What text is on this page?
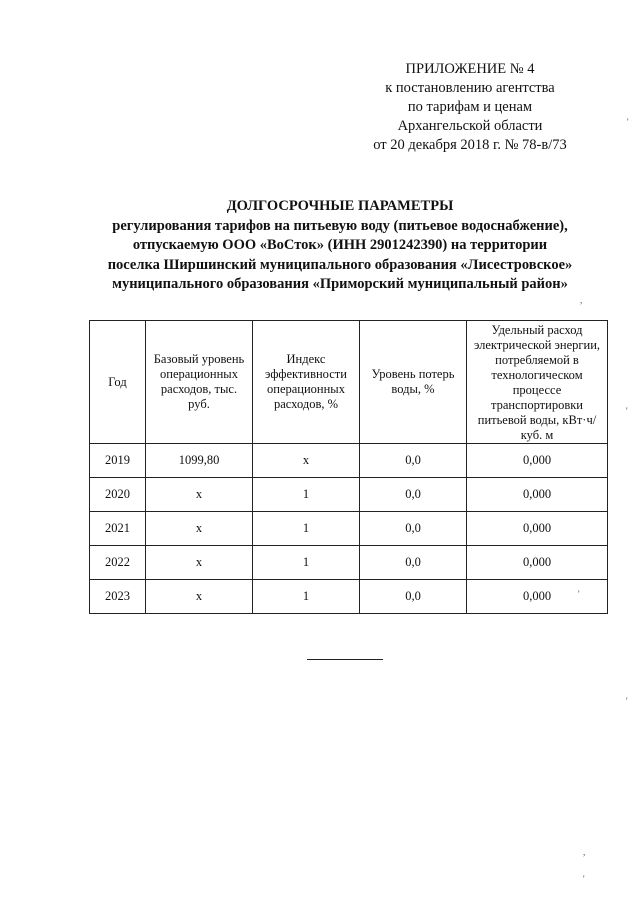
ПРИЛОЖЕНИЕ № 4
к постановлению агентства
по тарифам и ценам
Архангельской области
от 20 декабря 2018 г. № 78-в/73
ДОЛГОСРОЧНЫЕ ПАРАМЕТРЫ
регулирования тарифов на питьевую воду (питьевое водоснабжение),
отпускаемую ООО «ВоСток» (ИНН 2901242390) на территории
поселка Ширшинский муниципального образования «Лисестровское»
муниципального образования «Приморский муниципальный район»
Год	Базовый уровень операционных расходов, тыс. руб.	Индекс эффективности операционных расходов, %	Уровень потерь воды, %	Удельный расход электрической энергии, потребляемой в технологическом процессе транспортировки питьевой воды, кВт·ч/куб. м
2019	1099,80	х	0,0	0,000
2020	х	1	0,0	0,000
2021	х	1	0,0	0,000
2022	х	1	0,0	0,000
2023	х	1	0,0	0,000
'
,
'
'
'
,
'
